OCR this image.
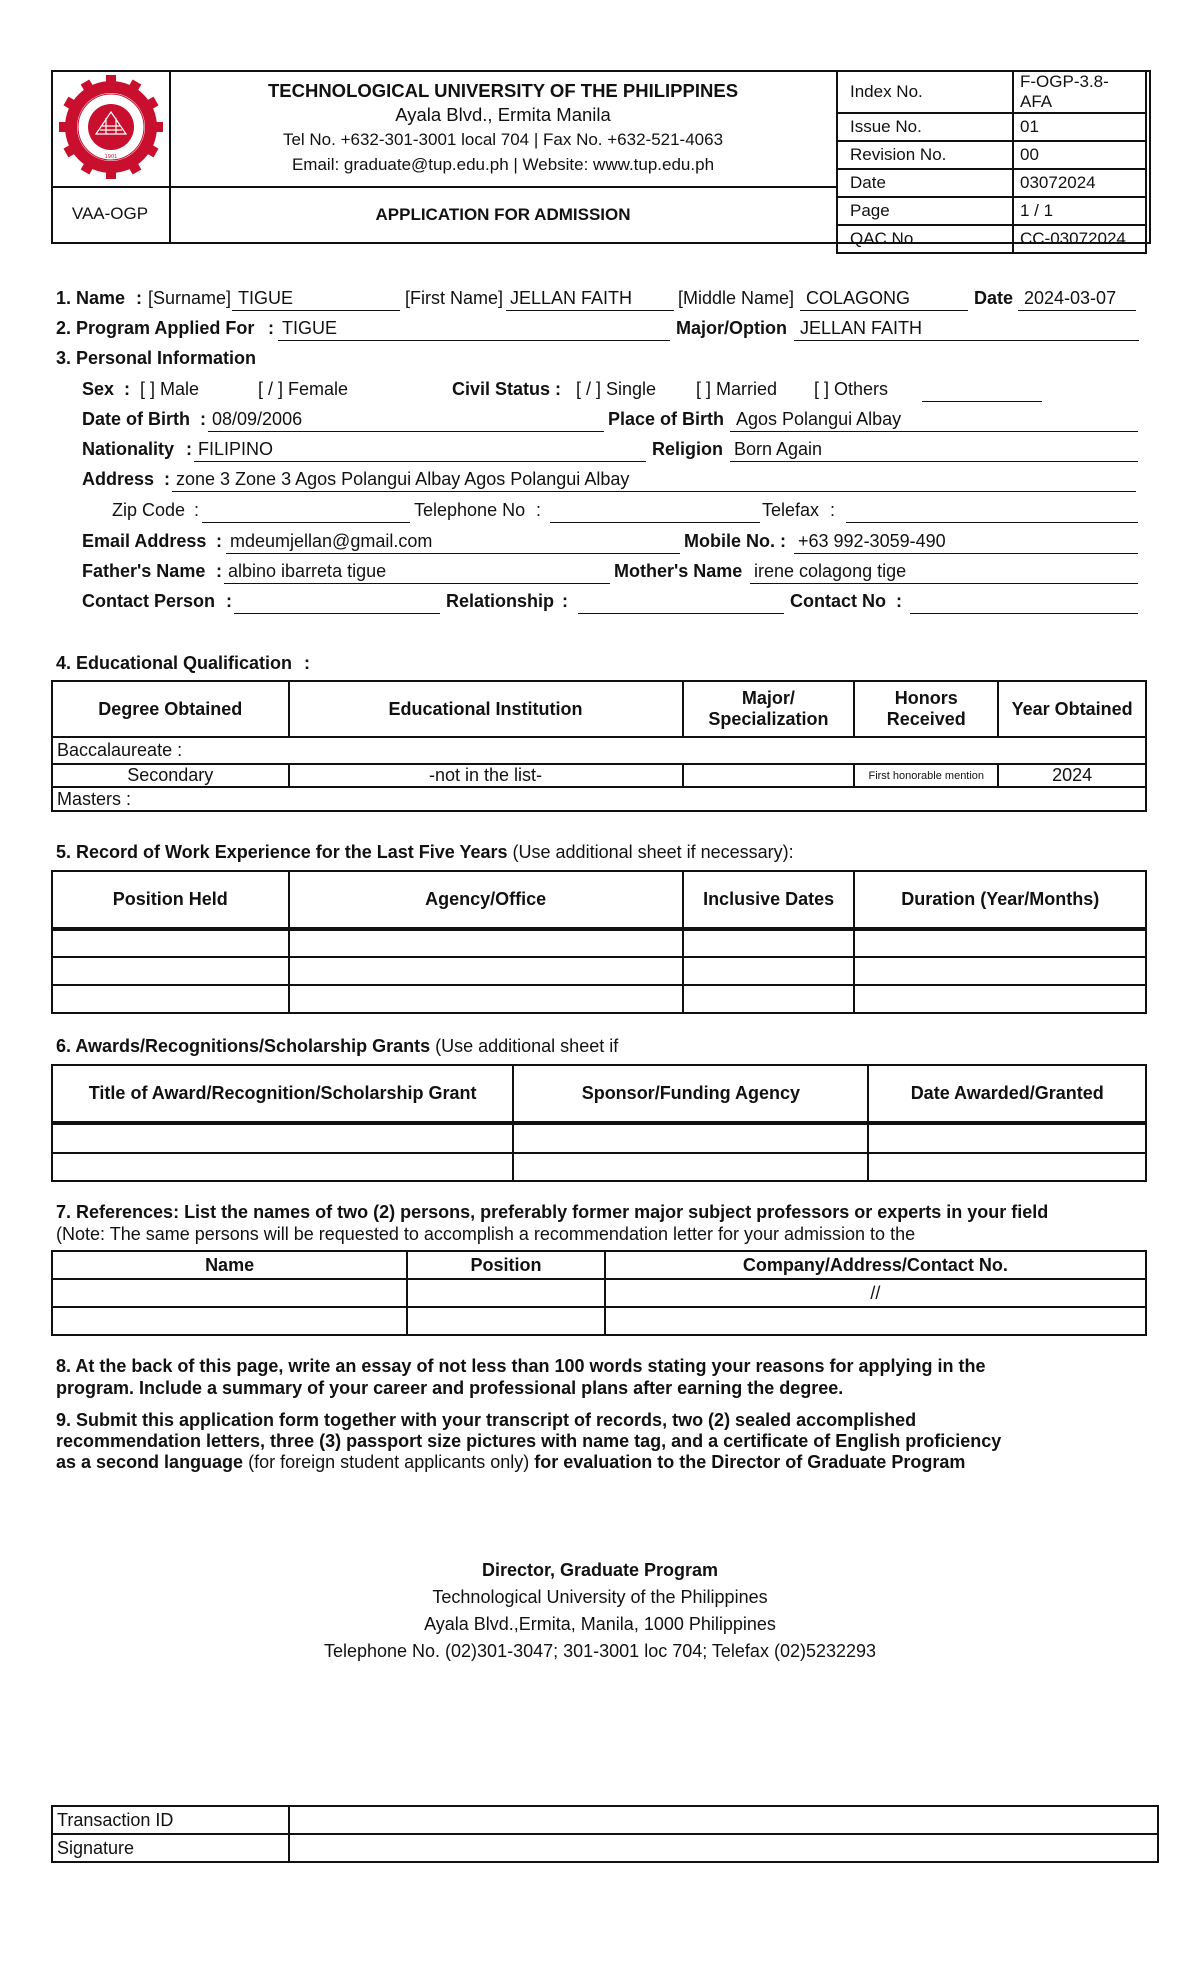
1901
TECHNOLOGICAL UNIVERSITY OF THE PHILIPPINES
Ayala Blvd., Ermita Manila
Tel No. +632-301-3001 local 704 | Fax No. +632-521-4063
Email: graduate@tup.edu.ph | Website: www.tup.edu.ph
VAA-OGP	APPLICATION FOR ADMISSION
Index No.	F-OGP-3.8-AFA
Issue No.	01
Revision No.	00
Date	03072024
Page	1 / 1
QAC No.	CC-03072024
1. Name : [Surname] TIGUE	[First Name] JELLAN FAITH	[Middle Name] COLAGONG	Date 2024-03-07
2. Program Applied For : TIGUE	Major/Option JELLAN FAITH
3. Personal Information
Sex : [ ] Male	[ / ] Female	Civil Status : [ / ] Single [ ] Married [ ] Others
Date of Birth : 08/09/2006	Place of Birth Agos Polangui Albay
Nationality : FILIPINO	Religion Born Again
Address : zone 3 Zone 3 Agos Polangui Albay Agos Polangui Albay
Zip Code :	Telephone No :	Telefax :
Email Address : mdeumjellan@gmail.com	Mobile No. : +63 992-3059-490
Father's Name : albino ibarreta tigue	Mother's Name irene colagong tige
Contact Person :	Relationship :	Contact No :
4. Educational Qualification :
Degree Obtained	Educational Institution	Major/ Specialization	Honors Received	Year Obtained
Baccalaureate :				
Secondary	-not in the list-		First honorable mention	2024
Masters :				
5. Record of Work Experience for the Last Five Years (Use additional sheet if necessary):
Position Held	Agency/Office	Inclusive Dates	Duration (Year/Months)

6. Awards/Recognitions/Scholarship Grants (Use additional sheet if
Title of Award/Recognition/Scholarship Grant	Sponsor/Funding Agency	Date Awarded/Granted

7. References: List the names of two (2) persons, preferably former major subject professors or experts in your field
(Note: The same persons will be requested to accomplish a recommendation letter for your admission to the
Name	Position	Company/Address/Contact No.
		//

8. At the back of this page, write an essay of not less than 100 words stating your reasons for applying in the
program. Include a summary of your career and professional plans after earning the degree.
9. Submit this application form together with your transcript of records, two (2) sealed accomplished
recommendation letters, three (3) passport size pictures with name tag, and a certificate of English proficiency
as a second language (for foreign student applicants only) for evaluation to the Director of Graduate Program
Director, Graduate Program
Technological University of the Philippines
Ayala Blvd.,Ermita, Manila, 1000 Philippines
Telephone No. (02)301-3047; 301-3001 loc 704; Telefax (02)5232293
Transaction ID	
Signature	
